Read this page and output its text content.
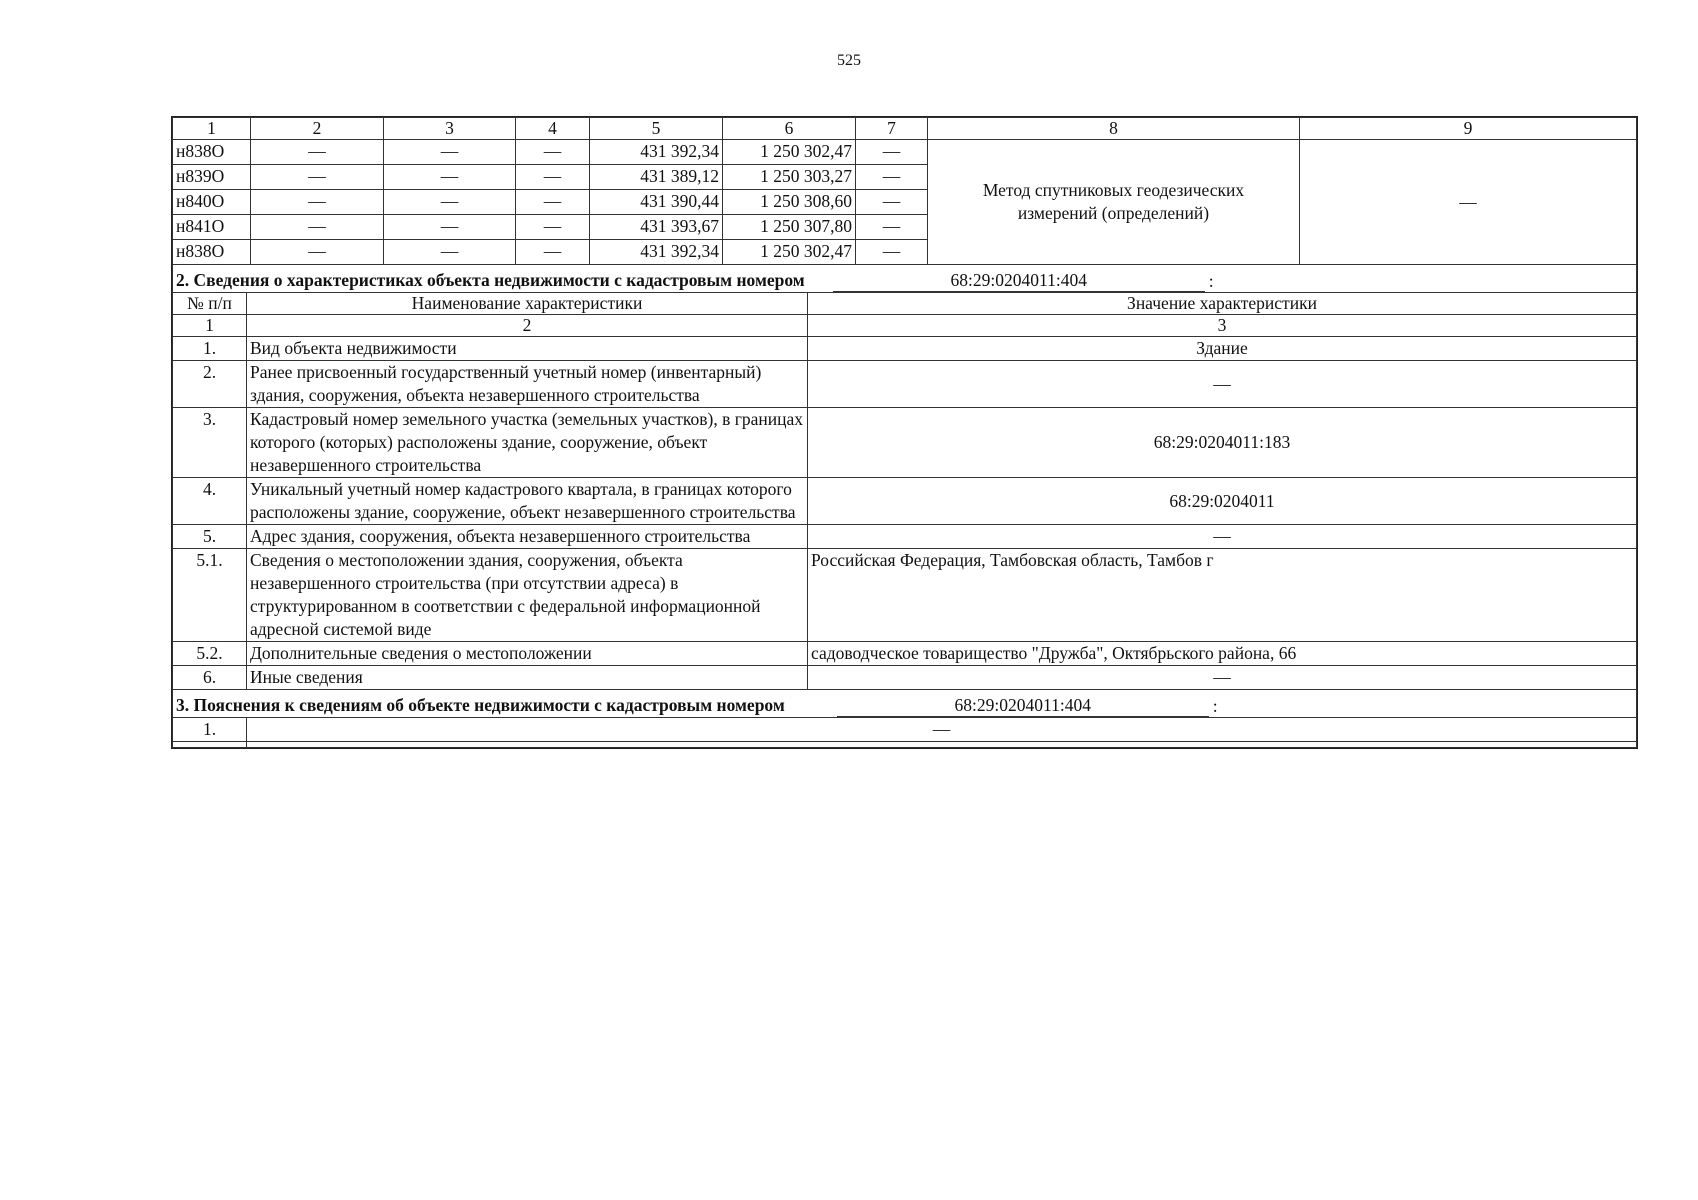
525
1	2	3	4	5	6	7	8	9
н838О	—	—	—	431 392,34	1 250 302,47	—	Метод спутниковых геодезических измерений (определений)	—
н839О	—	—	—	431 389,12	1 250 303,27	—		
н840О	—	—	—	431 390,44	1 250 308,60	—		
н841О	—	—	—	431 393,67	1 250 307,80	—		
н838О	—	—	—	431 392,34	1 250 302,47	—		
2. Сведения о характеристиках объекта недвижимости с кадастровым номером 68:29:0204011:404 :		

№ п/п	Наименование характеристики	Значение характеристики
1	2	3
1.	Вид объекта недвижимости	Здание
2.	Ранее присвоенный государственный учетный номер (инвентарный) здания, сооружения, объекта незавершенного строительства	—
3.	Кадастровый номер земельного участка (земельных участков), в границах которого (которых) расположены здание, сооружение, объект незавершенного строительства	68:29:0204011:183
4.	Уникальный учетный номер кадастрового квартала, в границах которого расположены здание, сооружение, объект незавершенного строительства	68:29:0204011
5.	Адрес здания, сооружения, объекта незавершенного строительства	—
5.1.	Сведения о местоположении здания, сооружения, объекта незавершенного строительства (при отсутствии адреса) в структурированном в соответствии с федеральной информационной адресной системой виде	Российская Федерация, Тамбовская область, Тамбов г
5.2.	Дополнительные сведения о местоположении	садоводческое товарищество "Дружба", Октябрьского района, 66
6.	Иные сведения	—
3. Пояснения к сведениям об объекте недвижимости с кадастровым номером 68:29:0204011:404 :	

1.	—
